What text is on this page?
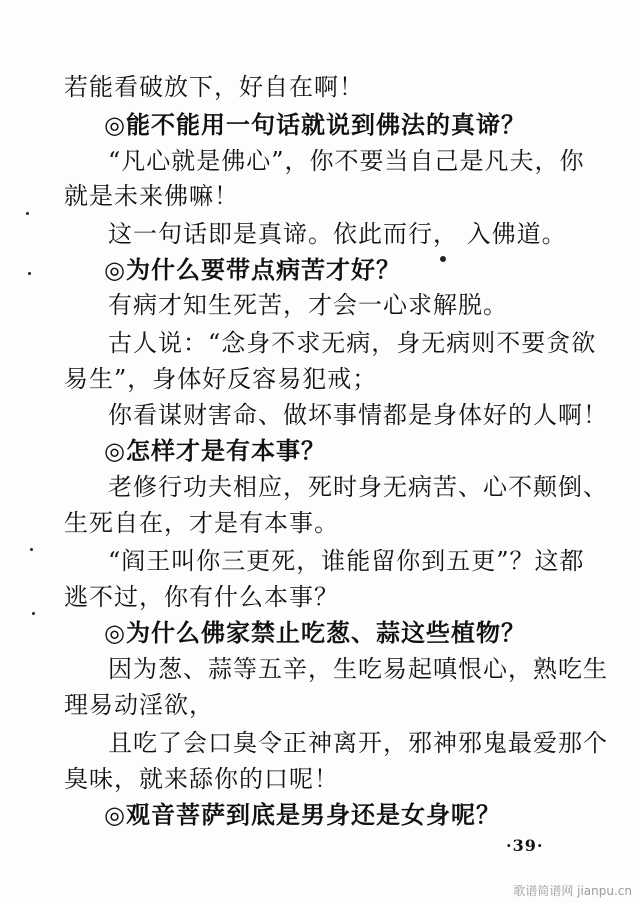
若能看破放下，好自在啊！
◎能不能用一句话就说到佛法的真谛？
“凡心就是佛心”，你不要当自己是凡夫，你
就是未来佛嘛！
这一句话即是真谛。依此而行， 入佛道。
◎为什么要带点病苦才好？
有病才知生死苦，才会一心求解脱。
古人说：“念身不求无病，身无病则不要贪欲
易生”，身体好反容易犯戒；
你看谋财害命、做坏事情都是身体好的人啊！
◎怎样才是有本事？
老修行功夫相应，死时身无病苦、心不颠倒、
生死自在，才是有本事。
“阎王叫你三更死，谁能留你到五更”？这都
逃不过，你有什么本事？
◎为什么佛家禁止吃葱、蒜这些植物？
因为葱、蒜等五辛，生吃易起嗔恨心，熟吃生
理易动淫欲，
且吃了会口臭令正神离开，邪神邪鬼最爱那个
臭味，就来舔你的口呢！
◎观音菩萨到底是男身还是女身呢？
·39·
歌谱简谱网 jianpu.cn
